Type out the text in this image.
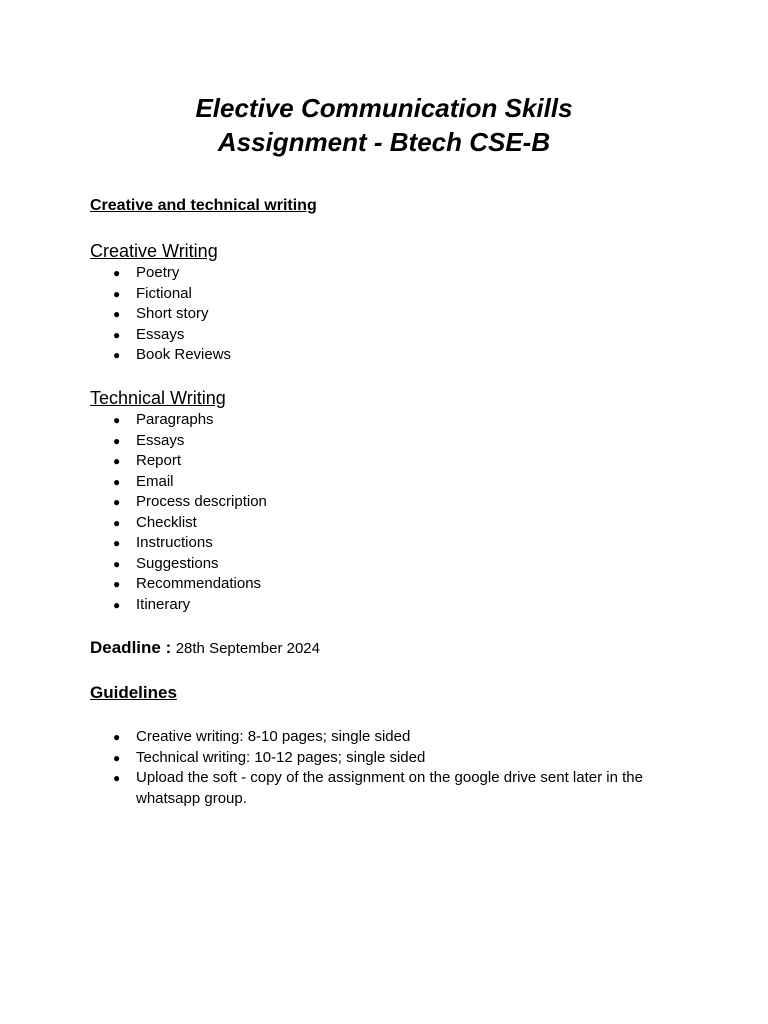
Elective Communication Skills
Assignment - Btech CSE-B

Creative and technical writing

Creative Writing

● Poetry
● Fictional
● Short story
● Essays
● Book Reviews

Technical Writing

● Paragraphs
● Essays
● Report
● Email
● Process description
● Checklist
● Instructions
● Suggestions
● Recommendations
● Itinerary

Deadline : 28th September 2024

Guidelines

● Creative writing: 8-10 pages; single sided
● Technical writing: 10-12 pages; single sided
● Upload the soft - copy of the assignment on the google drive sent later in the whatsapp group.
